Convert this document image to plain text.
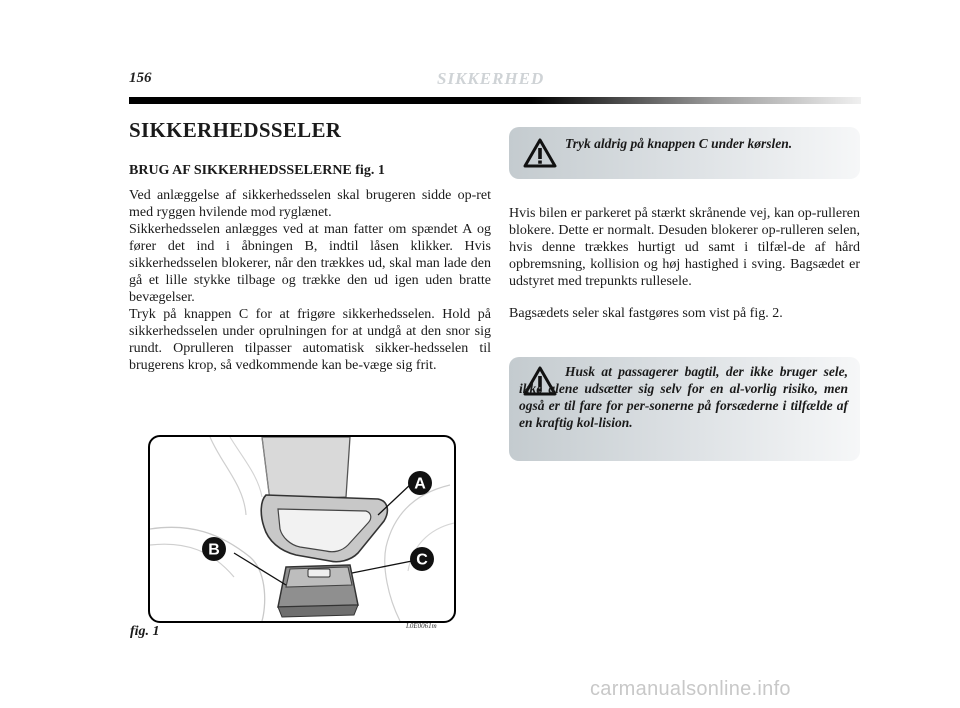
156	SIKKERHED
SIKKERHEDSSELER
BRUG AF SIKKERHEDSSELERNE fig. 1

Ved anlæggelse af sikkerhedsselen skal brugeren sidde op-ret med ryggen hvilende mod ryglænet.

Sikkerhedsselen anlægges ved at man fatter om spændet A og fører det ind i åbningen B, indtil låsen klikker. Hvis sikkerhedsselen blokerer, når den trækkes ud, skal man lade den gå et lille stykke tilbage og trække den ud igen uden bratte bevægelser.

Tryk på knappen C for at frigøre sikkerhedsselen. Hold på sikkerhedsselen under oprulningen for at undgå at den snor sig rundt. Oprulleren tilpasser automatisk sikker-hedsselen til brugerens krop, så vedkommende kan be-væge sig frit.

Tryk aldrig på knappen C under kørslen.

Hvis bilen er parkeret på stærkt skrånende vej, kan op-rulleren blokere. Dette er normalt. Desuden blokerer op-rulleren selen, hvis denne trækkes hurtigt ud samt i tilfæl-de af hård opbremsning, kollision og høj hastighed i sving. Bagsædet er udstyret med trepunkts rullesele.

Bagsædets seler skal fastgøres som vist på fig. 2.

Husk at passagerer bagtil, der ikke bruger sele, ikke alene udsætter sig selv for en al-vorlig risiko, men også er til fare for per-sonerne på forsæderne i tilfælde af en kraftig kol-lision.
A
B
C
fig. 1	L0E0061m
carmanualsonline.info
